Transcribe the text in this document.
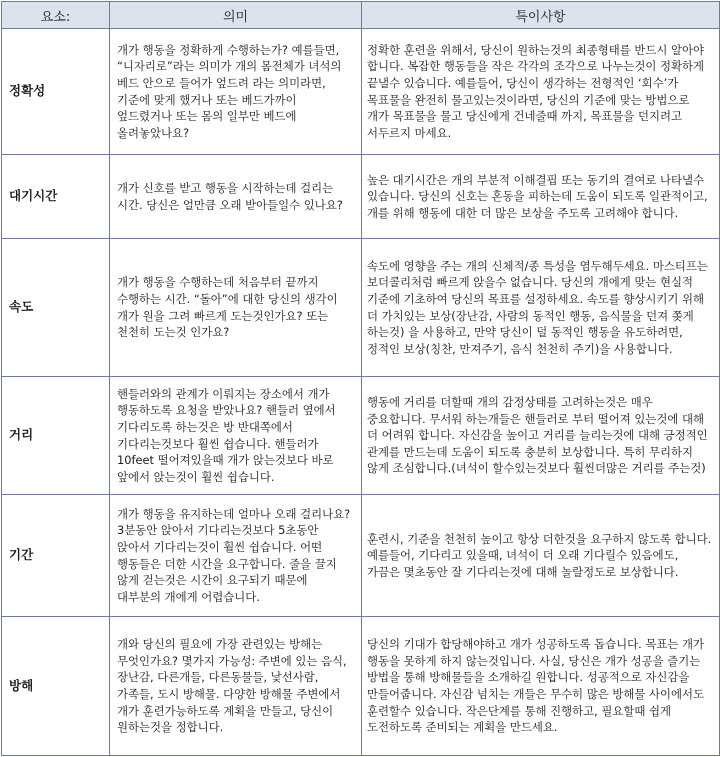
요소:	의미	특이사항
정확성	개가 행동을 정확하게 수행하는가? 예를들면, “니자리로”라는 의미가 개의 몸전체가 녀석의 베드 안으로 들어가 엎드려 라는 의미라면, 기준에 맞게 했거나 또는 베드가까이 엎드렸거나 또는 몸의 일부만 베드에 올려놓았나요?	정확한 훈련을 위해서, 당신이 원하는것의 최종형태를 반드시 알아야 합니다. 복잡한 행동들을 작은 각각의 조각으로 나누는것이 정확하게 끝낼수 있습니다. 예를들어, 당신이 생각하는 전형적인 ‘회수’가 목표물을 완전히 물고있는것이라면, 당신의 기준에 맞는 방법으로 개가 목표물을 물고 당신에게 건네줄때 까지, 목표물을 던지려고 서두르지 마세요.
대기시간	개가 신호를 받고 행동을 시작하는데 걸리는 시간. 당신은 얼만큼 오래 받아들일수 있나요?	높은 대기시간은 개의 부분적 이해결핍 또는 동기의 결여로 나타낼수 있습니다. 당신의 신호는 혼동을 피하는데 도움이 되도록 일관적이고, 개를 위해 행동에 대한 더 많은 보상을 주도록 고려해야 합니다.
속도	개가 행동을 수행하는데 처음부터 끝까지 수행하는 시간. “돌아”에 대한 당신의 생각이 개가 원을 그려 빠르게 도는것인가요? 또는 천천히 도는것 인가요?	속도에 영향을 주는 개의 신체적/종 특성을 염두해두세요. 마스티프는 보더콜리처럼 빠르게 앉을수 없습니다. 당신의 개에게 맞는 현실적 기준에 기초하여 당신의 목표를 설정하세요. 속도를 향상시키기 위해 더 가치있는 보상(장난감, 사람의 동적인 행동, 음식물을 던져 쫒게 하는것) 을 사용하고, 만약 당신이 덜 동적인 행동을 유도하려면, 정적인 보상(칭찬, 만져주기, 음식 천천히 주기)을 사용합니다.
거리	핸들러와의 관계가 이뤄지는 장소에서 개가 행동하도록 요청을 받았나요? 핸들러 옆에서 기다리도록 하는것은 방 반대쪽에서 기다리는것보다 훨씬 쉽습니다. 핸들러가 10feet 떨어져있을때 개가 앉는것보다 바로 앞에서 앉는것이 훨씬 쉽습니다.	행동에 거리를 더할때 개의 감정상태를 고려하는것은 매우 중요합니다. 무서워 하는개들은 핸들러로 부터 떨어져 있는것에 대해 더 어려워 합니다. 자신감을 높이고 거리를 늘리는것에 대해 긍정적인 관계를 만드는데 도움이 되도록 충분히 보상합니다. 특히 무리하지 않게 조심합니다.(녀석이 할수있는것보다 훨씬더많은 거리를 주는것)
기간	개가 행동을 유지하는데 얼마나 오래 걸리나요? 3분동안 앉아서 기다리는것보다 5초동안 앉아서 기다리는것이 훨씬 쉽습니다. 어떤 행동들은 더한 시간을 요구합니다. 줄을 끌지 않게 걷는것은 시간이 요구되기 때문에 대부분의 개에게 어렵습니다.	훈련시, 기준을 천천히 높이고 항상 더한것을 요구하지 않도록 합니다. 예를들어, 기다리고 있을때, 녀석이 더 오래 기다릴수 있음에도, 가끔은 몇초동안 잘 기다리는것에 대해 놀랄정도로 보상합니다.
방해	개와 당신의 필요에 가장 관련있는 방해는 무엇인가요? 몇가지 가능성: 주변에 있는 음식, 장난감, 다른개들, 다른동물들, 낯선사람, 가족들, 도시 방해물. 다양한 방해물 주변에서 개가 훈련가능하도록 계획을 만들고, 당신이 원하는것을 정합니다.	당신의 기대가 합당해야하고 개가 성공하도록 돕습니다. 목표는 개가 행동을 못하게 하지 않는것입니다. 사실, 당신은 개가 성공을 즐기는 방법을 통해 방해물들을 소개하길 원합니다. 성공적으로 자신감을 만들어줍니다. 자신감 넘치는 개들은 무수히 많은 방해물 사이에서도 훈련할수 있습니다. 작은단계를 통해 진행하고, 필요할때 쉽게 도전하도록 준비되는 계획을 만드세요.
